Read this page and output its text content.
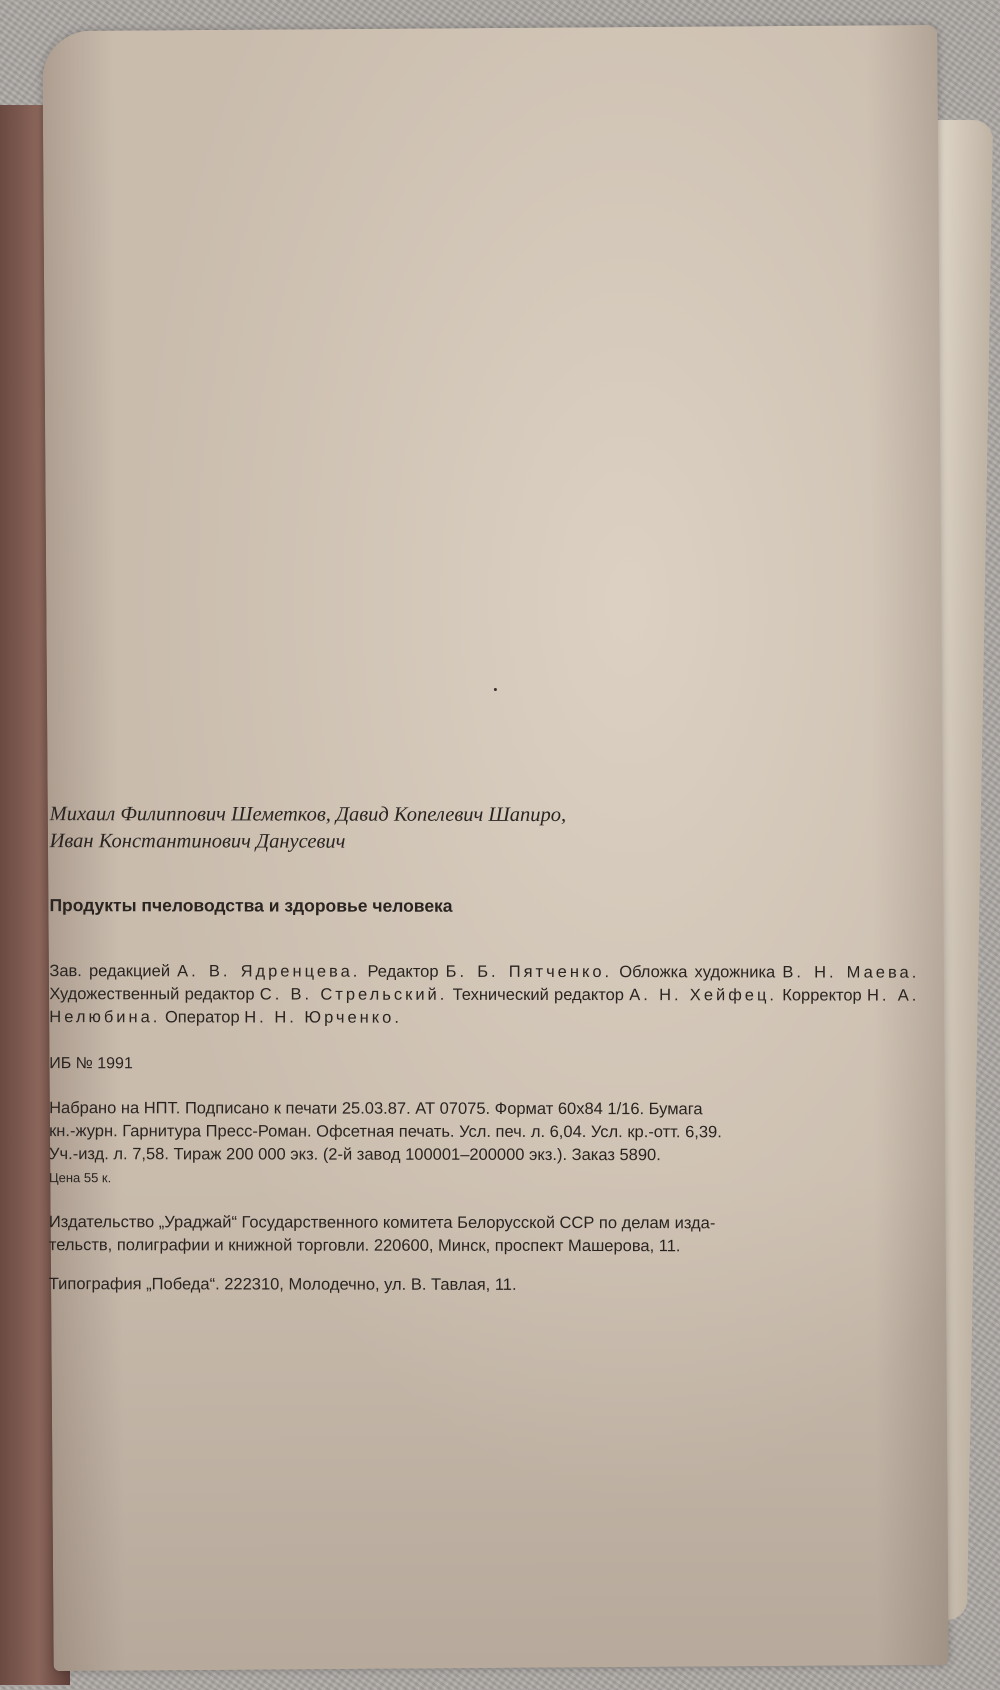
Михаил Филиппович Шеметков, Давид Копелевич Шапиро,
Иван Константинович Данусевич

Продукты пчеловодства и здоровье человека

Зав. редакцией А. В. Ядренцева. Редактор Б. Б. Пятченко. Обложка художника В. Н. Маева. Художественный редактор С. В. Стрельский. Технический редактор А. Н. Хейфец. Корректор Н. А. Нелюбина. Оператор Н. Н. Юрченко.

ИБ № 1991

Набрано на НПТ. Подписано к печати 25.03.87. АТ 07075. Формат 60x84 1/16. Бумага
кн.-журн. Гарнитура Пресс-Роман. Офсетная печать. Усл. печ. л. 6,04. Усл. кр.-отт. 6,39.
Уч.-изд. л. 7,58. Тираж 200 000 экз. (2-й завод 100001–200000 экз.). Заказ 5890.
Цена 55 к.

Издательство „Ураджай“ Государственного комитета Белорусской ССР по делам изда-
тельств, полиграфии и книжной торговли. 220600, Минск, проспект Машерова, 11.

Типография „Победа“. 222310, Молодечно, ул. В. Тавлая, 11.
